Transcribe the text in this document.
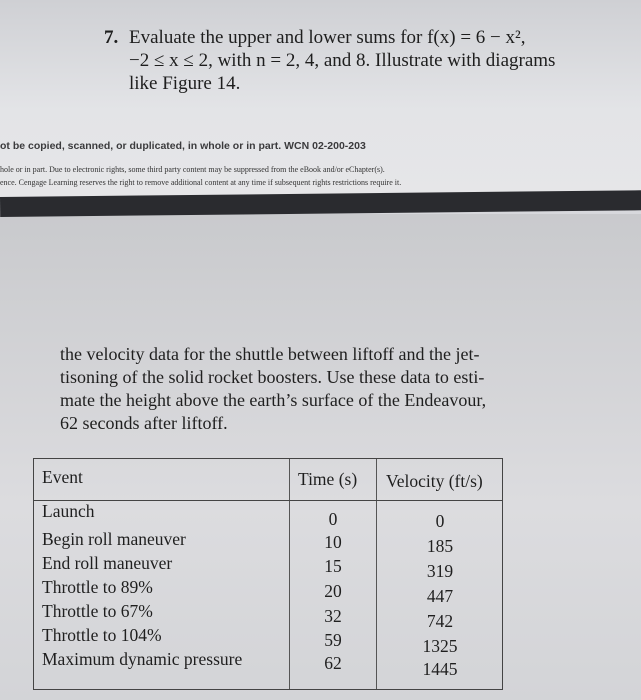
7. Evaluate the upper and lower sums for f(x) = 6 − x²,
−2 ≤ x ≤ 2, with n = 2, 4, and 8. Illustrate with diagrams
like Figure 14.
ot be copied, scanned, or duplicated, in whole or in part. WCN 02-200-203
hole or in part. Due to electronic rights, some third party content may be suppressed from the eBook and/or eChapter(s).
ence. Cengage Learning reserves the right to remove additional content at any time if subsequent rights restrictions require it.
the velocity data for the shuttle between liftoff and the jet-
tisoning of the solid rocket boosters. Use these data to esti-
mate the height above the earth’s surface of the Endeavour,
62 seconds after liftoff.
Event	Time (s) Velocity (ft/s)
Launch	0	0
Begin roll maneuver	10	185
End roll maneuver	15	319
Throttle to 89%	20	447
Throttle to 67%	32	742
Throttle to 104%	59	1325
Maximum dynamic pressure	62	1445
